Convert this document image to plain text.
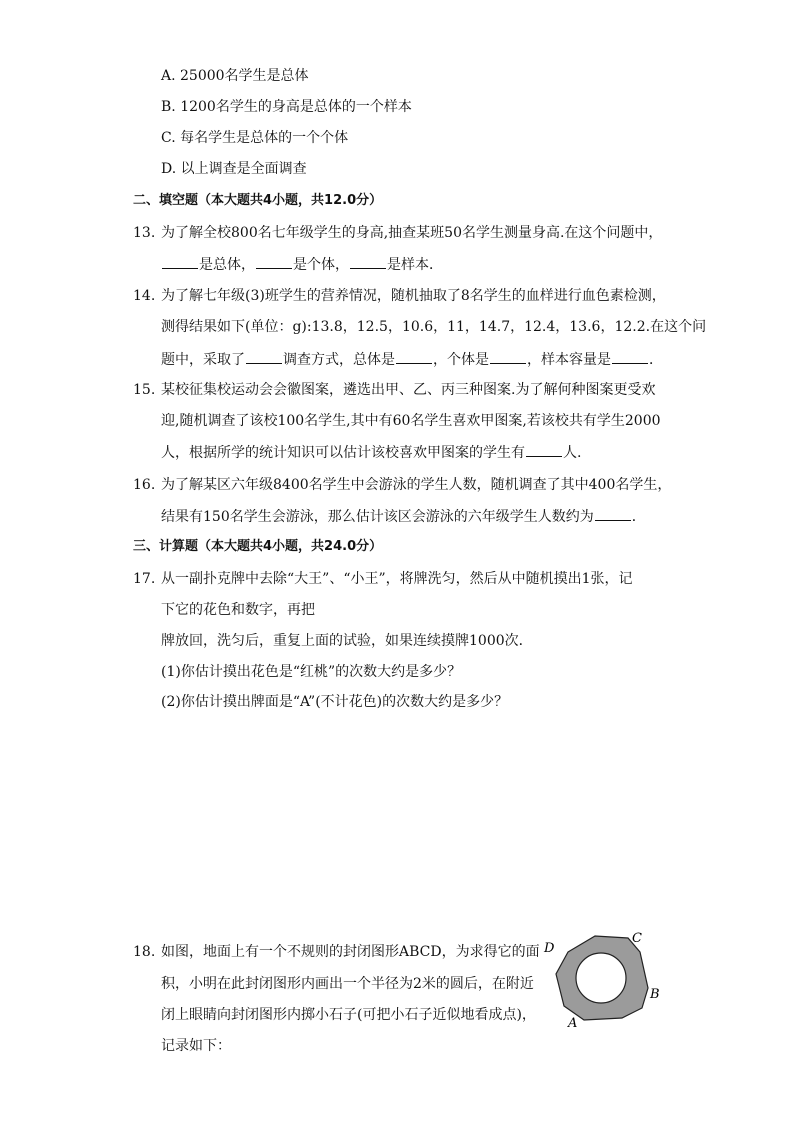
A. 25000名学生是总体
B. 1200名学生的身高是总体的一个样本
C. 每名学生是总体的一个个体
D. 以上调查是全面调查
二、填空题（本大题共4小题，共12.0分）
13. 为了解全校800名七年级学生的身高,抽查某班50名学生测量身高.在这个问题中，
是总体，	是个体，	是样本．
14. 为了解七年级(3)班学生的营养情况，随机抽取了8名学生的血样进行血色素检测，
测得结果如下(单位：g):13.8，12.5，10.6，11，14.7，12.4，13.6，12.2.在这个问
题中，采取了	调查方式，总体是	，个体是	，样本容量是	．
15. 某校征集校运动会会徽图案，遴选出甲、乙、丙三种图案.为了解何种图案更受欢
迎,随机调查了该校100名学生,其中有60名学生喜欢甲图案,若该校共有学生2000
人，根据所学的统计知识可以估计该校喜欢甲图案的学生有	人.
16. 为了解某区六年级8400名学生中会游泳的学生人数，随机调查了其中400名学生，
结果有150名学生会游泳，那么估计该区会游泳的六年级学生人数约为	．
三、计算题（本大题共4小题，共24.0分）
17. 从一副扑克牌中去除“大王”、“小王”，将牌洗匀，然后从中随机摸出1张，记
下它的花色和数字，再把
牌放回，洗匀后，重复上面的试验，如果连续摸牌1000次．
(1)你估计摸出花色是“红桃”的次数大约是多少？
(2)你估计摸出牌面是“A”(不计花色)的次数大约是多少？
18. 如图，地面上有一个不规则的封闭图形ABCD，为求得它的面
积，小明在此封闭图形内画出一个半径为2米的圆后，在附近
闭上眼睛向封闭图形内掷小石子(可把小石子近似地看成点)，
记录如下：
D
C
B
A
